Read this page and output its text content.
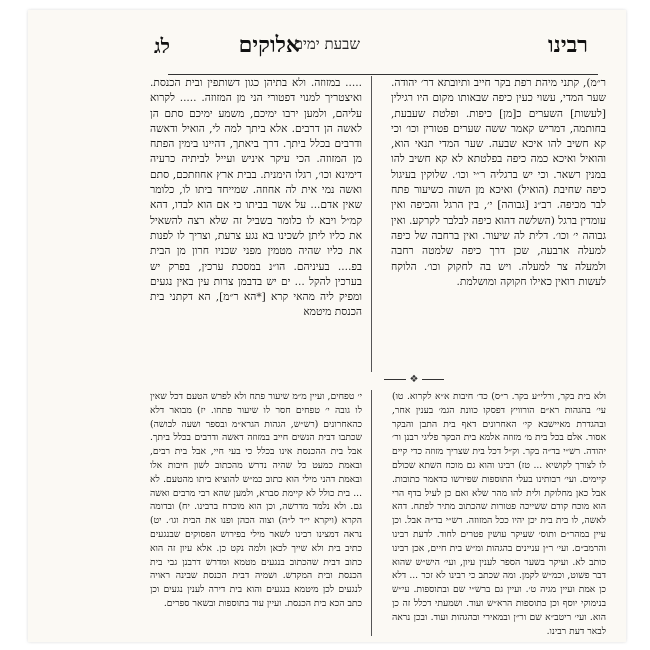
רבינו
אלוקים
שבעת ימים
לג

ר״מ), קתני מיהת רפת בקר חייב ותיובתא דר׳ יהודה. שער המדי, עשוי כעין כיפה שבאותו מקום היו רגילין [לעשות] השערים כ[מן] כיפות. ופלטת שעבעת, בחותמה, דמריש קאמר ששה שערים פטורין וכו׳ וכי קא חשיב להו איכא שבעה. שער המדי תנאי הוא, והואיל ואיכא כמה כיפה בפלטתא לא קא חשיב להו במנין רשאר. וכי יש ברגליה ר״י וכו׳. שלוקין בעיגול כיפה שחיבת (הואיל) ואיכא מן השוה כשיעור פתח לבר מכיפה. רב״נ [גבוהה] י׳, בין הרגל והכיפה ואין עומדין ברגל (השלשה דהוא כיפה לבלבר לקרקע. ואין גבוהה י׳ וכו׳. דלית לה שיעור. ואין ברחבה של כיפה למעלה ארבעה, שכן דרך כיפה שלמטה רחבה ולמעלה צר למעלה. ויש בה לחקוק וכו׳. הלוקח לעשות רואין כאילו חקוקה ומושלמת.

..... במזוזה. ולא בתיהן כגון דשותפין ובית הכנסת. ואיצטריך למנוי דפטורי הני מן המזוזה. ..... לקרוא עליהם, ולמען ירבו ימיכם, משמע ימיכם סתם הן לאשה הן דרבים. אלא ביתך למה לי, הואיל ודאשה ודרבים בכלל ביתך. דרך ביאתך, דהיינו בימין הפתח מן המזוזה. הכי עיקר איניש ועייל לביתיה כרעיה דימינא וכו׳, רגלו הימנית. בבית ארץ אחוזתכם, סתם ואשה נמי אית לה אחוזה. שמייחד ביתו לו, כלומר שאין אדם... על אשר בביתו כי אם הוא לבדו, דהא קמ״ל ויבא לו כלומר בשביל זה שלא רצה להשאיל את כליו ליתן לשכינו בא נגע צרעת, וצריך לו לפנות את כליו שהיה מטמין מפני שכניו חרון מן הבית בפ.... בעיניהם. הו״נ במסכת ערכין, בפרק יש בערכין להקל ... ים יש בדבמן צרות עין באין נגעים ומפיק ליה מהאי קרא [*הא ר״מ], הא דקתני בית הכנסת מיטמא

❖

ולא בית בקר, ורלי״ע בקר. ר״ס) כד׳ חיבות א״א לקרוא. טו) עי׳ בהגהות רא״ם הורוויץ דפסקו כוונת הגמ׳ בענין אחר, ובהגדרת מאיישבא קי׳ האחרונים דאף בית התבן והבקר אסור. אלם בכל בית מ׳ מזוזה אלמא בית הבקר פליגי רבנן ור׳ יהודה. רש״י בד״ה בקר. וק״ל דכל בית שצריך מזוזה כדי קיים לו לצורך לקושיא ... טז) רבינו והוא גם מוכח השתא שכולם קיימים. ועי׳ רבותינו בעלי התוספות שפירשו כדאמר כתובות. אבל כאן מחלוקת ולית להו מהר שלא ואם כן לעיל בדף הרי הוא מוכח קודם ששייכה פטורות שהכתוב מתיר לפתח. דהא לאשה, לו בית בית יכן יהיו ככל המזוזה. רש״י בד״ה אבל. וכן עיין במהר״ם ותוס׳ שעיקר עושין פטרים לחוד. לדעת רבינו והרמב״ם. ועי׳ ר״ן עניינים בהגהות ומ״ש בית חיים, אכן רבינו כותב לא. ועיקר בשער הספר לענין עיון, ועי׳ היש״ש שהוא דבר פשוט, וכמ״ש לקמן. ומה שכתב כי רבינו לא זכר ... דלא כן אמת ועיין מגיה ט׳. ועיין גם ברש״י שם ובתוספות. עי״ש בנימוקי יוסף וכן בתוספות הרא״ש ועוד. ושמעתי דכלל זה כן הוא. ועי׳ ריטב״א שם ור״ן ובמאירי ובהגהות ועוד. ובכן נראה לבאר דעת רבינו.

י׳ טפחים, ועיין מ״מ שיעור פתח ולא לפרש הטעם דכל שאין לו גובה י׳ טפחים חסר לו שיעור פתחו. יז) מבואר דלא כהאחרונים (רש״ש, הגהות הגרא״מ ובספר ושעה לבושה) שכתבו דבית הנשים חייב במזוזה דאשה ודרבים בכלל ביתך. אבל בית ההכנסת אינו בכלל כי בעי חיי, אבל בית רבים, ובאמת כמעט כל שהיה נדרש מהכתוב לשון חיבות אלו ובאמת דהני מילי הוא כתוב כמ״ש להוציא ביתו מהטעם. לא ... בית כולל לא קיימת סברא, ולמען שהא רבי מרבים ואשה גם. ולא נלמד מדרשה, וכן הוא מוכרח ברבינו. יח) ובדומה הקרא (ויקרא י״ד ל״ה) וצוה הכהן ופנו את הבית וגו׳. יט) נראה דמצינו רבינו לשאר מילי בפירוש הפסוקים שבנגעים כתיב בית ולא שייך לכאן ולמה נקט כן. אלא עיון זה הוא כתוב דבית שהכתוב בנגעים מטמא ומדרש דרבנן גבי בית הכנסת ובית המקדש. ושמיה דבית הכנסת שבינה ראויה לנגעים לכן מיטמא בנגעים והוא בית דירה לענין נגעים וכן כתב הכא בית הכנסת. ועיין עוד בתוספות ובשאר ספרים.
